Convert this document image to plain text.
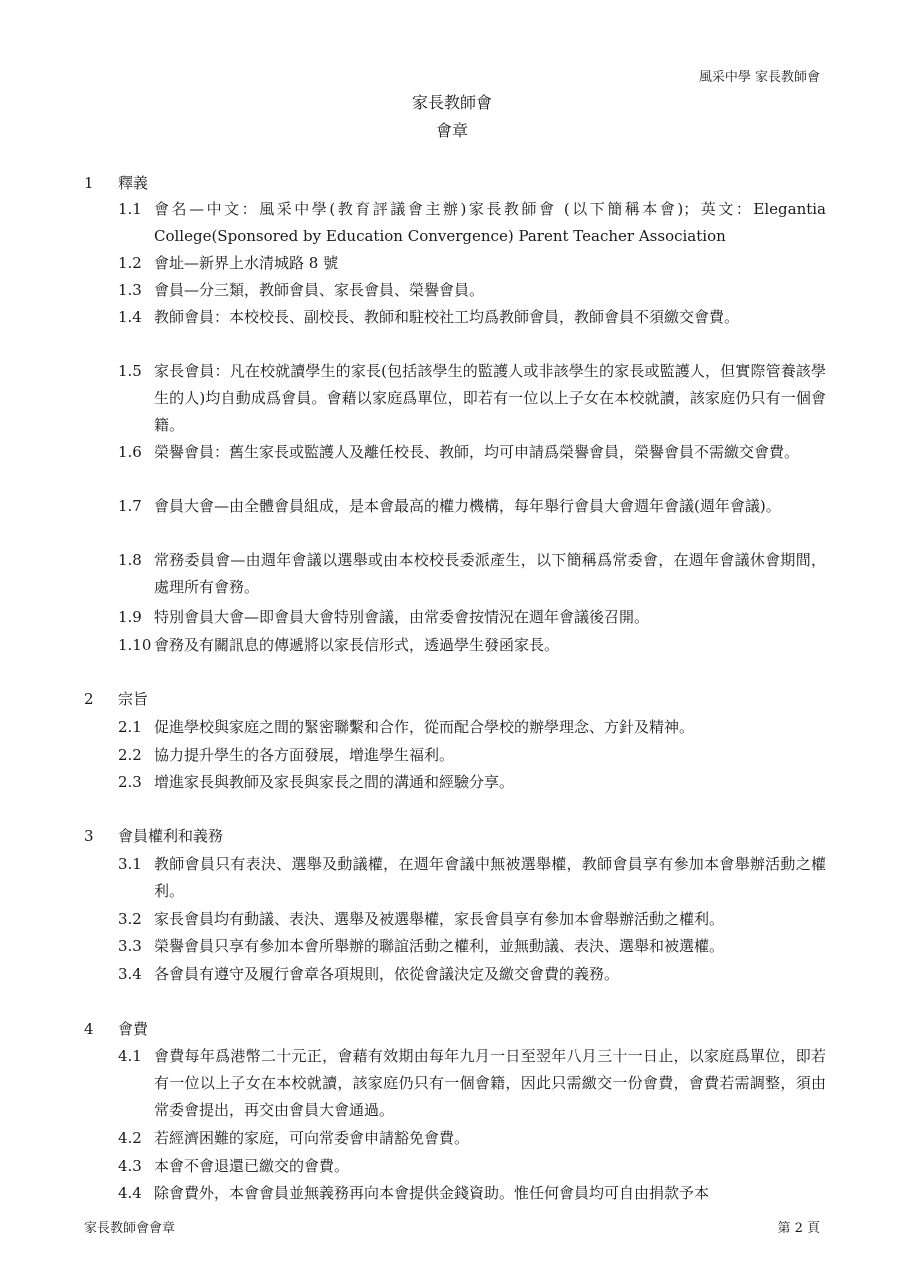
風采中學 家長教師會
家長教師會
會章
1 釋義
1.1 會名—中文：風采中學(教育評議會主辦)家長教師會 (以下簡稱本會)；英文：Elegantia College(Sponsored by Education Convergence) Parent Teacher Association
1.2 會址—新界上水清城路 8 號
1.3 會員—分三類，教師會員、家長會員、榮譽會員。
1.4 教師會員：本校校長、副校長、教師和駐校社工均爲教師會員，教師會員不須繳交會費。
1.5 家長會員：凡在校就讀學生的家長(包括該學生的監護人或非該學生的家長或監護人，但實際管養該學生的人)均自動成爲會員。會藉以家庭爲單位，即若有一位以上子女在本校就讀，該家庭仍只有一個會籍。
1.6 榮譽會員：舊生家長或監護人及離任校長、教師，均可申請爲榮譽會員，榮譽會員不需繳交會費。
1.7 會員大會—由全體會員組成，是本會最高的權力機構，每年舉行會員大會週年會議(週年會議)。
1.8 常務委員會—由週年會議以選舉或由本校校長委派產生，以下簡稱爲常委會，在週年會議休會期間，處理所有會務。
1.9 特別會員大會—即會員大會特別會議，由常委會按情況在週年會議後召開。
1.10 會務及有關訊息的傳遞將以家長信形式，透過學生發函家長。
2 宗旨
2.1 促進學校與家庭之間的緊密聯繫和合作，從而配合學校的辦學理念、方針及精神。
2.2 協力提升學生的各方面發展，增進學生福利。
2.3 增進家長與教師及家長與家長之間的溝通和經驗分享。
3 會員權利和義務
3.1 教師會員只有表決、選舉及動議權，在週年會議中無被選舉權，教師會員享有參加本會舉辦活動之權利。
3.2 家長會員均有動議、表決、選舉及被選舉權，家長會員享有參加本會舉辦活動之權利。
3.3 榮譽會員只享有參加本會所舉辦的聯誼活動之權利，並無動議、表決、選舉和被選權。
3.4 各會員有遵守及履行會章各項規則，依從會議決定及繳交會費的義務。
4 會費
4.1 會費每年爲港幣二十元正，會藉有效期由每年九月一日至翌年八月三十一日止，以家庭爲單位，即若有一位以上子女在本校就讀，該家庭仍只有一個會籍，因此只需繳交一份會費，會費若需調整，須由常委會提出，再交由會員大會通過。
4.2 若經濟困難的家庭，可向常委會申請豁免會費。
4.3 本會不會退還已繳交的會費。
4.4 除會費外，本會會員並無義務再向本會提供金錢資助。惟任何會員均可自由捐款予本
家長教師會會章	第 2 頁
